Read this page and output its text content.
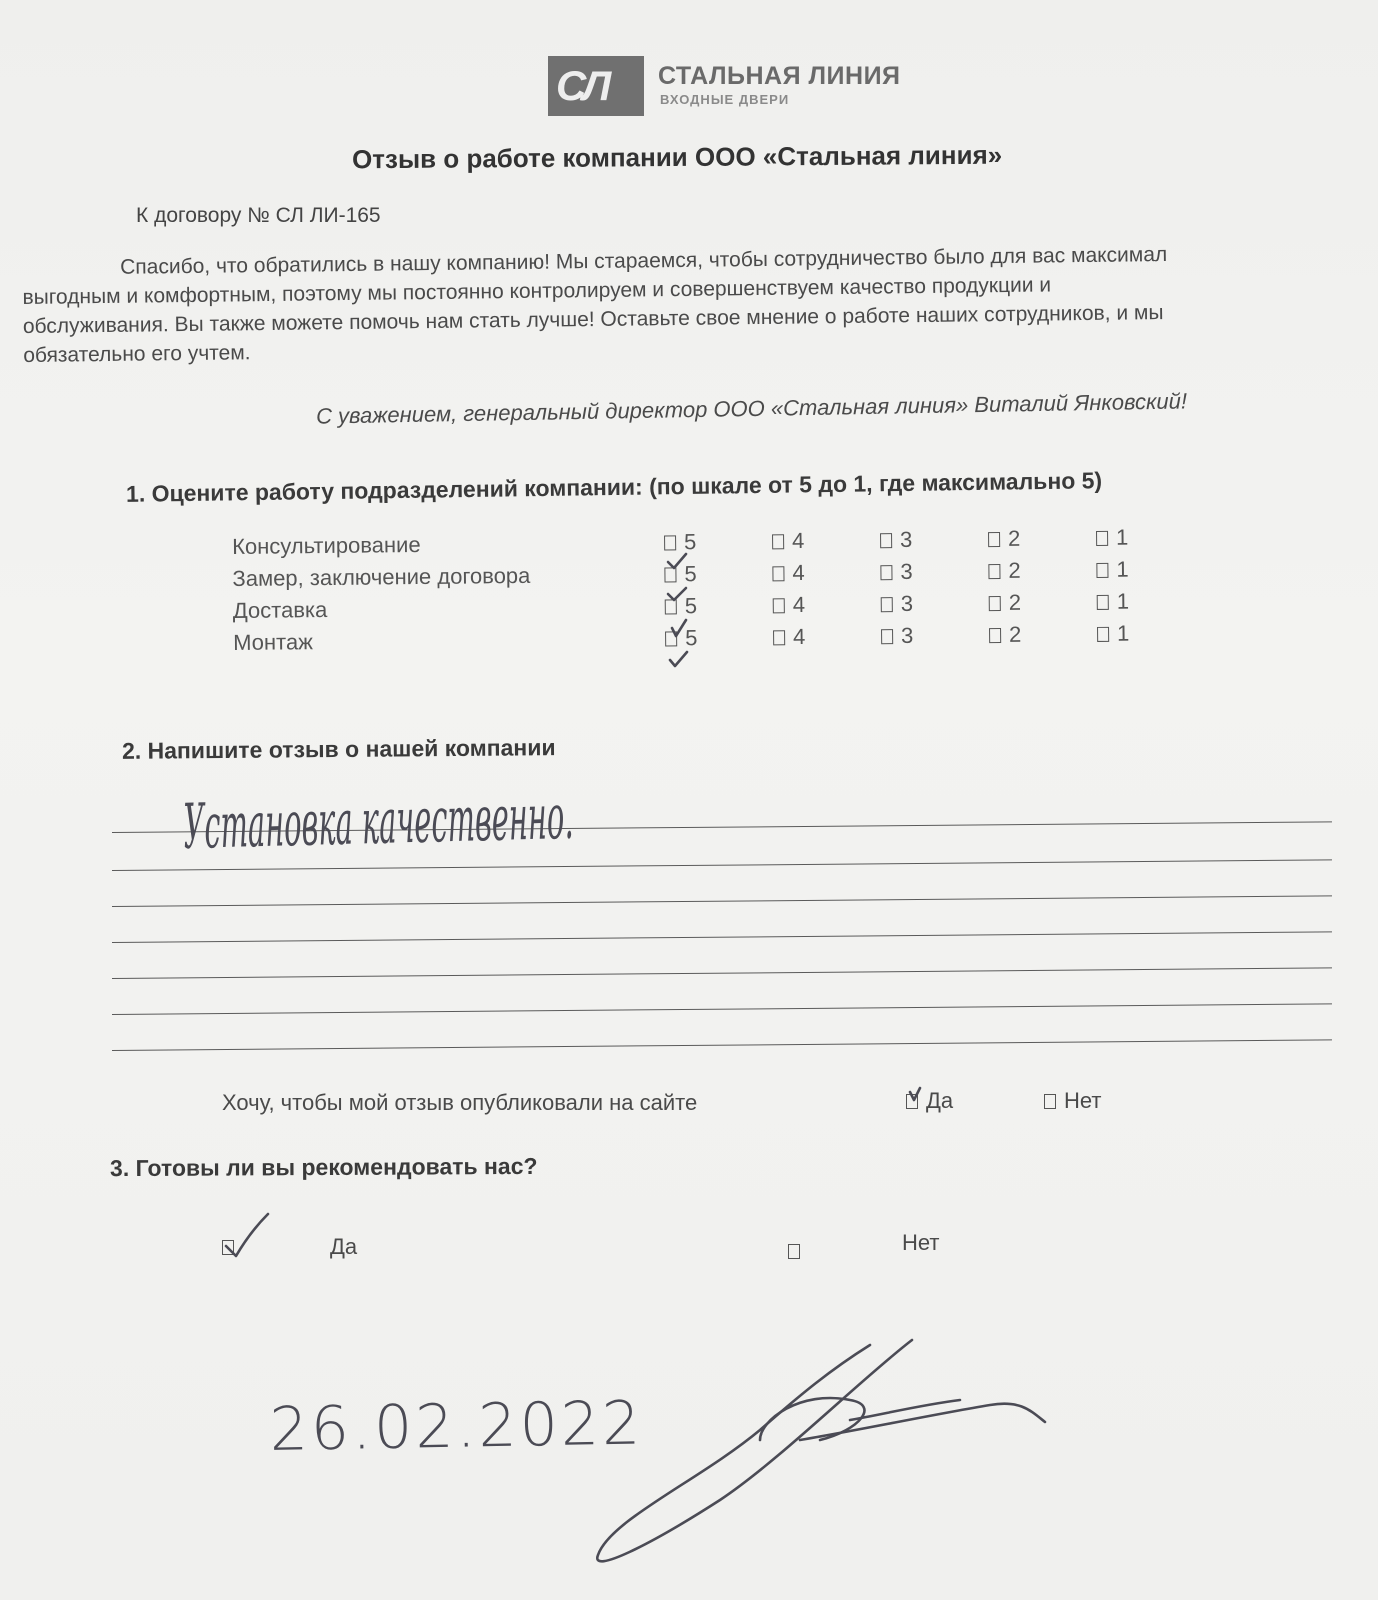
СЛ СТАЛЬНАЯ ЛИНИЯ
ВХОДНЫЕ ДВЕРИ
Отзыв о работе компании ООО «Стальная линия»
К договору № СЛ ЛИ-165
Спасибо, что обратились в нашу компанию! Мы стараемся, чтобы сотрудничество было для вас максимал
выгодным и комфортным, поэтому мы постоянно контролируем и совершенствуем качество продукции и
обслуживания. Вы также можете помочь нам стать лучше! Оставьте свое мнение о работе наших сотрудников, и мы
обязательно его учтем.
С уважением, генеральный директор ООО «Стальная линия» Виталий Янковский!
1. Оцените работу подразделений компании: (по шкале от 5 до 1, где максимально 5)
Консультирование	5	4	3	2	1
Замер, заключение договора	5	4	3	2	1
Доставка	5	4	3	2	1
Монтаж	5	4	3	2	1
2. Напишите отзыв о нашей компании
Хочу, чтобы мой отзыв опубликовали на сайте	Да	Нет
3. Готовы ли вы рекомендовать нас?
Да	Нет
Установка качественно.
26.02.2022
